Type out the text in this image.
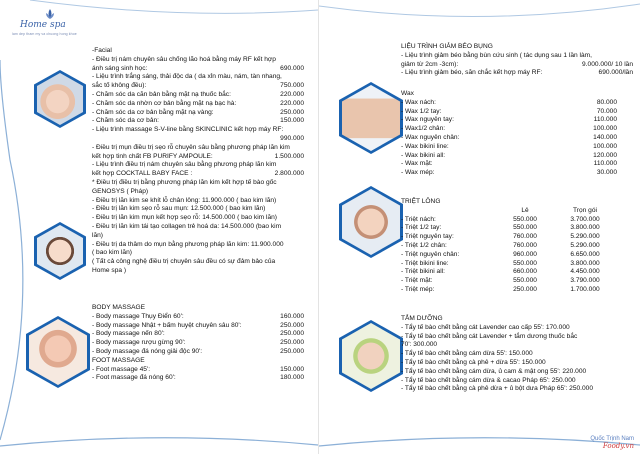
Home spa
lam dep tham my va chuong hong khoe
-Facial
- Điều trị nám chuyên sâu chống lão hoá bằng máy RF kết hợp
ánh sáng sinh học:	690.000
- Liệu trình trắng sáng, thải độc da ( da xỉn màu, nám, tàn nhang,
sắc tố không đều):	750.000
- Chăm sóc da căn bản bằng mặt nạ thuốc bắc:	220.000
- Chăm sóc da nhờn cơ bản bằng mặt nạ bạc hà:	220.000
- Chăm sóc da cơ bản bằng mặt nạ vàng:	250.000
- Chăm sóc da cơ bản:	150.000
- Liệu trình massage S-V-line bằng SKINCLINIC kết hợp máy RF:
990.000
- Điều trị mụn điều trị sẹo rỗ chuyên sâu bằng phương pháp lăn kim
kết hợp tinh chất FB PURIFY AMPOULE:	1.500.000
- Liệu trình điều trị nám chuyên sâu bằng phương pháp lăn kim
kết hợp COCKTALL BABY FACE :	2.800.000
* Điều trị điều trị bằng phương pháp lăn kim kết hợp tế bào gốc
GENOSYS ( Pháp)
- Điều trị lăn kim se khít lỗ chân lông: 11.900.000 ( bao kim lăn)
- Điều trị lăn kim sẹo rỗ sau mụn: 12.500.000 ( bao kim lăn)
- Điều trị lăn kim mụn kết hợp sẹo rỗ: 14.500.000 ( bao kim lăn)
- Điều trị lăn kim tái tạo collagen trẻ hoá da: 14.500.000 (bao kim
lăn)
- Điều trị da thâm do mụn bằng phương pháp lăn kim: 11.900.000
( bao kim lăn)
( Tất cả công nghệ điều trị chuyên sâu đều có sự đảm bảo của
Home spa )
BODY MASSAGE
- Body massage Thụy Điển 60':	160.000
- Body massage Nhật + bấm huyệt chuyên sâu 80':	250.000
- Body massage nến 80':	250.000
- Body massage rượu gừng 90':	250.000
- Body massage đá nóng giải độc 90':	250.000
FOOT MASSAGE
- Foot massage 45':	150.000
- Foot massage đá nóng 60':	180.000
LIỆU TRÌNH GIẢM BÉO BỤNG
- Liệu trình giảm béo bằng bùn cứu sinh ( tác dụng sau 1 lần làm,
giảm từ 2cm -3cm):	9.000.000/ 10 lần
- Liệu trình giảm béo, săn chắc kết hợp máy RF:	690.000/lần
Wax
- Wax nách:	80.000
- Wax 1/2 tay:	70.000
- Wax nguyên tay:	110.000
- Wax1/2 chân:	100.000
- Wax nguyên chân:	140.000
- Wax bikini line:	100.000
- Wax bikini all:	120.000
- Wax mặt:	110.000
- Wax mép:	30.000
TRIỆT LÔNG
Lẻ	Trọn gói
- Triệt nách:	550.000	3.700.000
- Triệt 1/2 tay:	550.000	3.800.000
- Triệt nguyên tay:	760.000	5.290.000
- Triệt 1/2 chân:	760.000	5.290.000
- Triệt nguyên chân:	960.000	6.650.000
- Triệt bikini line:	550.000	3.800.000
- Triệt bikini all:	660.000	4.450.000
- Triệt mặt:	550.000	3.790.000
- Triệt mép:	250.000	1.700.000
TẮM DƯỠNG
- Tẩy tế bào chết bằng cát Lavender cao cấp 55': 170.000
- Tẩy tế bào chết bằng cát Lavender + tắm dương thuốc bắc
70': 300.000
- Tẩy tế bào chết bằng cám dừa 55': 150.000
- Tẩy tế bào chết bằng cà phê + dừa 55': 150.000
- Tẩy tế bào chết bằng cám dừa, ủ cam & mật ong 55': 220.000
- Tẩy tế bào chết bằng cám dừa & cacao Pháp 65': 250.000
- Tẩy tế bào chết bằng cà phê dừa + ủ bột dưa Pháp 65': 250.000
Quốc Trịnh Nam
Foody.vn
